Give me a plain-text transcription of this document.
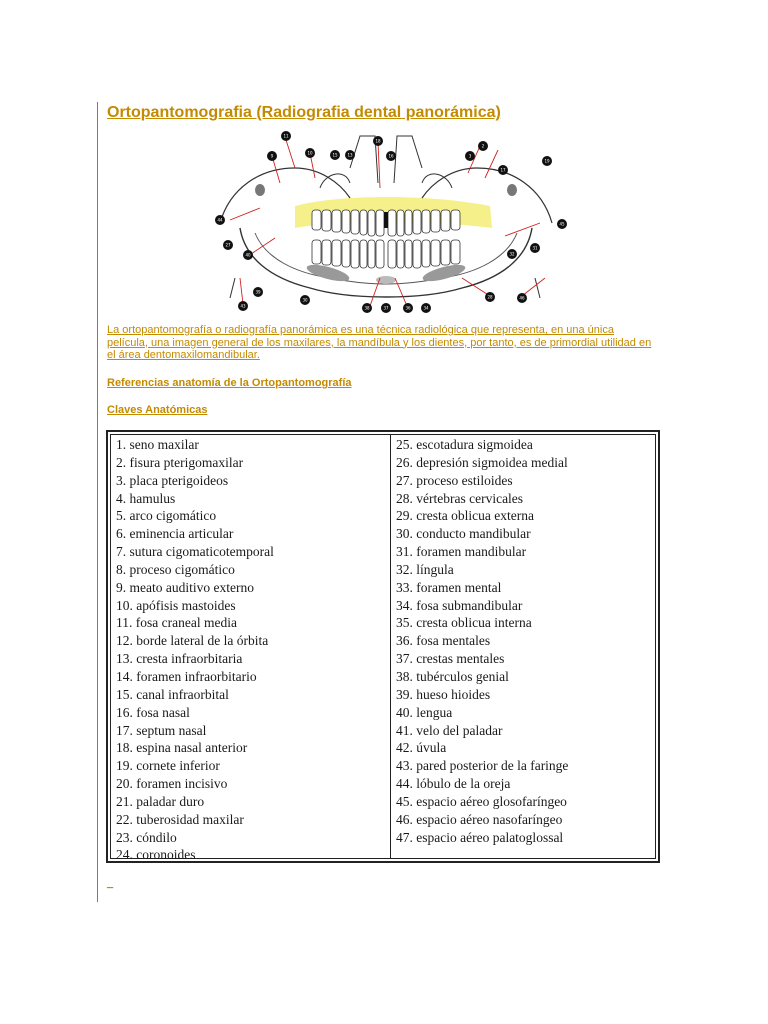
Ortopantomografia (Radiografia dental panorámica)
11
9
10	15 13
18
16
2
3
17
19
44
27
40
39
43
30
38	37	36	34
28	46
31
45
32
La ortopantomografía o radiografía panorámica es una técnica radiológica que representa, en una única película, una imagen general de los maxilares, la mandíbula y los dientes, por tanto, es de primordial utilidad en el área dentomaxilomandibular.
Referencias anatomía de la Ortopantomografía
Claves Anatómicas
1. seno maxilar
2. fisura pterigomaxilar
3. placa pterigoideos
4. hamulus
5. arco cigomático
6. eminencia articular
7. sutura cigomaticotemporal
8. proceso cigomático
9. meato auditivo externo
10. apófisis mastoides
11. fosa craneal media
12. borde lateral de la órbita
13. cresta infraorbitaria
14. foramen infraorbitario
15. canal infraorbital
16. fosa nasal
17. septum nasal
18. espina nasal anterior
19. cornete inferior
20. foramen incisivo
21. paladar duro
22. tuberosidad maxilar
23. cóndilo
24. coronoides
25. escotadura sigmoidea
26. depresión sigmoidea medial
27. proceso estiloides
28. vértebras cervicales
29. cresta oblicua externa
30. conducto mandibular
31. foramen mandibular
32. língula
33. foramen mental
34. fosa submandibular
35. cresta oblicua interna
36. fosa mentales
37. crestas mentales
38. tubérculos genial
39. hueso hioides
40. lengua
41. velo del paladar
42. úvula
43. pared posterior de la faringe
44. lóbulo de la oreja
45. espacio aéreo glosofaríngeo
46. espacio aéreo nasofaríngeo
47. espacio aéreo palatoglossal
_
